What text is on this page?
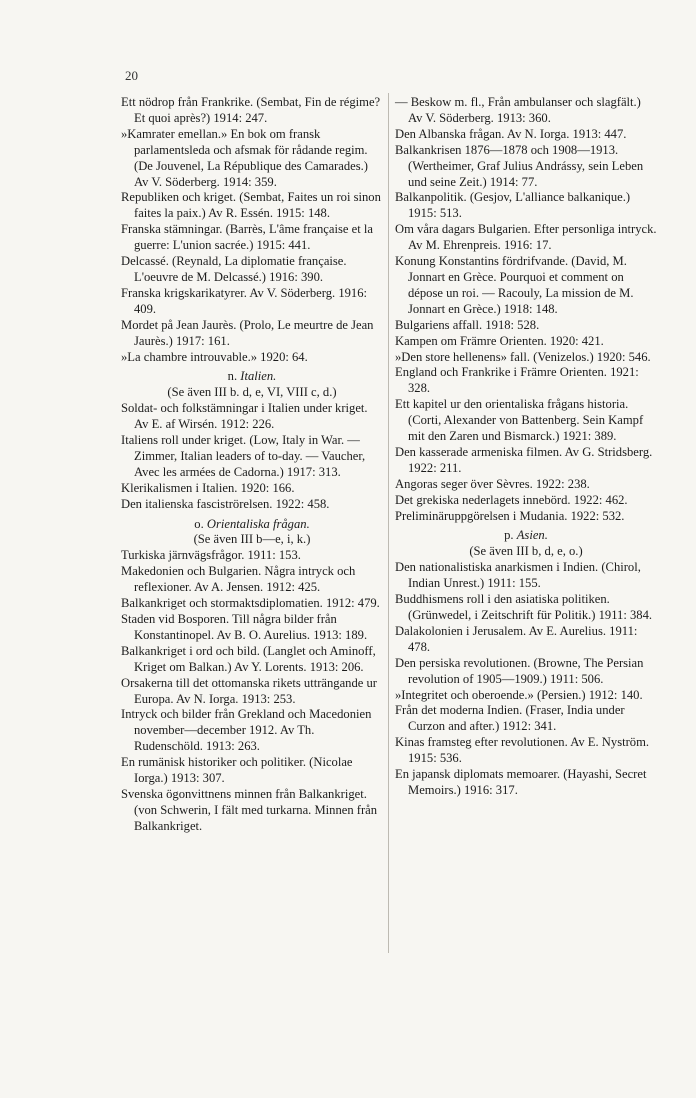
20

Ett nödrop från Frankrike. (Sembat, Fin de régime? Et quoi après?) 1914: 247.

»Kamrater emellan.» En bok om fransk parlamentsleda och afsmak för rådande regim. (De Jouvenel, La République des Camarades.) Av V. Söderberg. 1914: 359.

Republiken och kriget. (Sembat, Faites un roi sinon faites la paix.) Av R. Essén. 1915: 148.

Franska stämningar. (Barrès, L'âme française et la guerre: L'union sacrée.) 1915: 441.

Delcassé. (Reynald, La diplomatie française. L'oeuvre de M. Delcassé.) 1916: 390.

Franska krigskarikatyrer. Av V. Söderberg. 1916: 409.

Mordet på Jean Jaurès. (Prolo, Le meurtre de Jean Jaurès.) 1917: 161.

»La chambre introuvable.» 1920: 64.

n. Italien.

(Se även III b. d, e, VI, VIII c, d.)

Soldat- och folkstämningar i Italien under kriget. Av E. af Wirsén. 1912: 226.

Italiens roll under kriget. (Low, Italy in War. — Zimmer, Italian leaders of to-day. — Vaucher, Avec les armées de Cadorna.) 1917: 313.

Klerikalismen i Italien. 1920: 166.

Den italienska fasciströrelsen. 1922: 458.

o. Orientaliska frågan.

(Se även III b—e, i, k.)

Turkiska järnvägsfrågor. 1911: 153.

Makedonien och Bulgarien. Några intryck och reflexioner. Av A. Jensen. 1912: 425.

Balkankriget och stormaktsdiplomatien. 1912: 479.

Staden vid Bosporen. Till några bilder från Konstantinopel. Av B. O. Aurelius. 1913: 189.

Balkankriget i ord och bild. (Langlet och Aminoff, Kriget om Balkan.) Av Y. Lorents. 1913: 206.

Orsakerna till det ottomanska rikets utträngande ur Europa. Av N. Iorga. 1913: 253.

Intryck och bilder från Grekland och Macedonien november—december 1912. Av Th. Rudenschöld. 1913: 263.

En rumänisk historiker och politiker. (Nicolae Iorga.) 1913: 307.

Svenska ögonvittnens minnen från Balkankriget. (von Schwerin, I fält med turkarna. Minnen från Balkankriget.

— Beskow m. fl., Från ambulanser och slagfält.) Av V. Söderberg. 1913: 360.

Den Albanska frågan. Av N. Iorga. 1913: 447.

Balkankrisen 1876—1878 och 1908—1913. (Wertheimer, Graf Julius Andrássy, sein Leben und seine Zeit.) 1914: 77.

Balkanpolitik. (Gesjov, L'alliance balkanique.) 1915: 513.

Om våra dagars Bulgarien. Efter personliga intryck. Av M. Ehrenpreis. 1916: 17.

Konung Konstantins fördrifvande. (David, M. Jonnart en Grèce. Pourquoi et comment on dépose un roi. — Racouly, La mission de M. Jonnart en Grèce.) 1918: 148.

Bulgariens affall. 1918: 528.

Kampen om Främre Orienten. 1920: 421.

»Den store hellenens» fall. (Venizelos.) 1920: 546.

England och Frankrike i Främre Orienten. 1921: 328.

Ett kapitel ur den orientaliska frågans historia. (Corti, Alexander von Battenberg. Sein Kampf mit den Zaren und Bismarck.) 1921: 389.

Den kasserade armeniska filmen. Av G. Stridsberg. 1922: 211.

Angoras seger över Sèvres. 1922: 238.

Det grekiska nederlagets innebörd. 1922: 462.

Preliminäruppgörelsen i Mudania. 1922: 532.

p. Asien.

(Se även III b, d, e, o.)

Den nationalistiska anarkismen i Indien. (Chirol, Indian Unrest.) 1911: 155.

Buddhismens roll i den asiatiska politiken. (Grünwedel, i Zeitschrift für Politik.) 1911: 384.

Dalakolonien i Jerusalem. Av E. Aurelius. 1911: 478.

Den persiska revolutionen. (Browne, The Persian revolution of 1905—1909.) 1911: 506.

»Integritet och oberoende.» (Persien.) 1912: 140.

Från det moderna Indien. (Fraser, India under Curzon and after.) 1912: 341.

Kinas framsteg efter revolutionen. Av E. Nyström. 1915: 536.

En japansk diplomats memoarer. (Hayashi, Secret Memoirs.) 1916: 317.
